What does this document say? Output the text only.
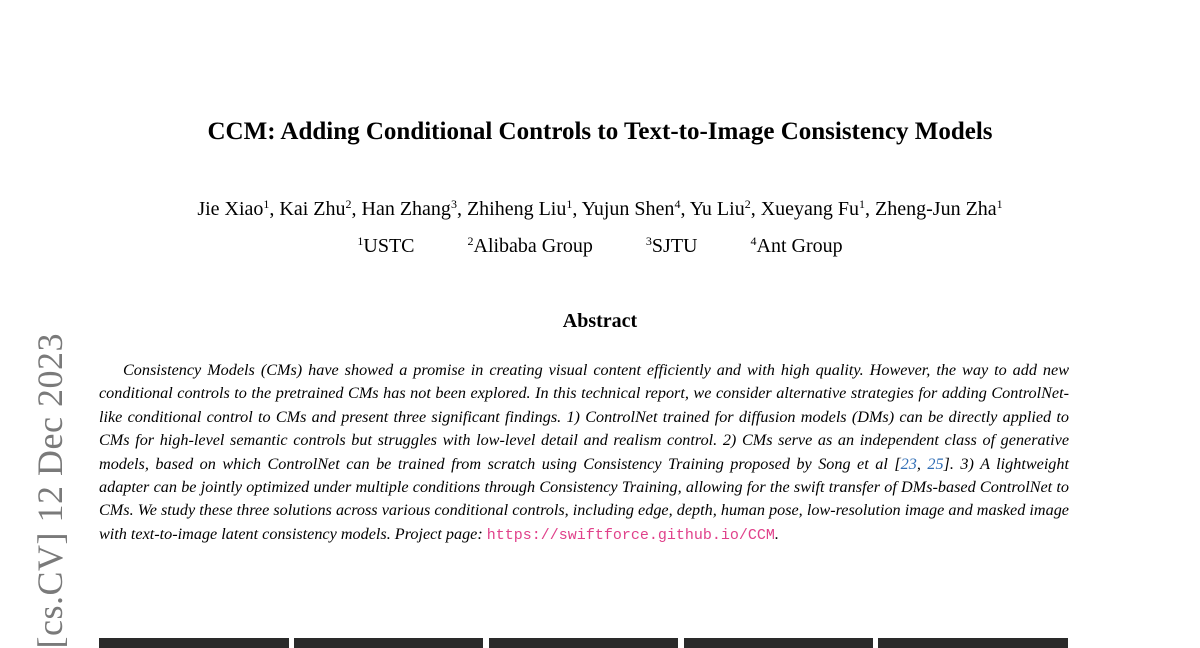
[cs.CV] 12 Dec 2023
CCM: Adding Conditional Controls to Text-to-Image Consistency Models
Jie Xiao$^1$, Kai Zhu$^2$, Han Zhang$^3$, Zhiheng Liu$^1$, Yujun Shen$^4$, Yu Liu$^2$, Xueyang Fu$^1$, Zheng-Jun Zha$^1$
$^1$USTC	$^2$Alibaba Group	$^3$SJTU	$^4$Ant Group
Abstract
Consistency Models (CMs) have showed a promise in creating visual content efficiently and with high quality. However, the way to add new conditional controls to the pretrained CMs has not been explored. In this technical report, we consider alternative strategies for adding ControlNet-like conditional control to CMs and present three significant findings. 1) ControlNet trained for diffusion models (DMs) can be directly applied to CMs for high-level semantic controls but struggles with low-level detail and realism control. 2) CMs serve as an independent class of generative models, based on which ControlNet can be trained from scratch using Consistency Training proposed by Song et al [23, 25]. 3) A lightweight adapter can be jointly optimized under multiple conditions through Consistency Training, allowing for the swift transfer of DMs-based ControlNet to CMs. We study these three solutions across various conditional controls, including edge, depth, human pose, low-resolution image and masked image with text-to-image latent consistency models. Project page: https://swiftforce.github.io/CCM.
